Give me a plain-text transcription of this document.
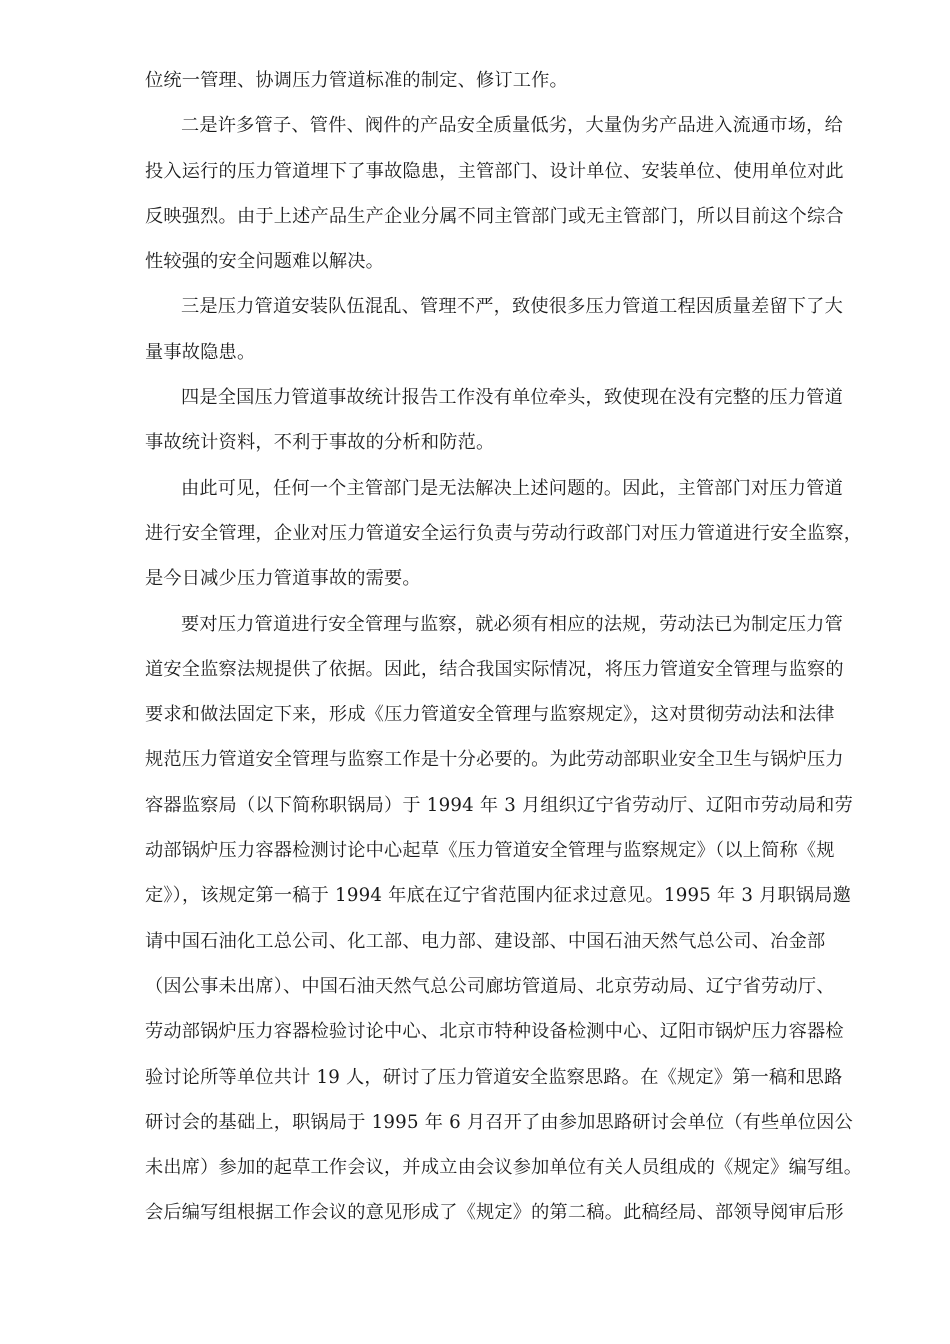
位统一管理、协调压力管道标准的制定、修订工作。
二是许多管子、管件、阀件的产品安全质量低劣，大量伪劣产品进入流通市场，给
投入运行的压力管道埋下了事故隐患，主管部门、设计单位、安装单位、使用单位对此
反映强烈。由于上述产品生产企业分属不同主管部门或无主管部门，所以目前这个综合
性较强的安全问题难以解决。
三是压力管道安装队伍混乱、管理不严，致使很多压力管道工程因质量差留下了大
量事故隐患。
四是全国压力管道事故统计报告工作没有单位牵头，致使现在没有完整的压力管道
事故统计资料，不利于事故的分析和防范。
由此可见，任何一个主管部门是无法解决上述问题的。因此，主管部门对压力管道
进行安全管理，企业对压力管道安全运行负责与劳动行政部门对压力管道进行安全监察，
是今日减少压力管道事故的需要。
要对压力管道进行安全管理与监察，就必须有相应的法规，劳动法已为制定压力管
道安全监察法规提供了依据。因此，结合我国实际情况，将压力管道安全管理与监察的
要求和做法固定下来，形成《压力管道安全管理与监察规定》，这对贯彻劳动法和法律
规范压力管道安全管理与监察工作是十分必要的。为此劳动部职业安全卫生与锅炉压力
容器监察局（以下简称职锅局）于 1994 年 3 月组织辽宁省劳动厅、辽阳市劳动局和劳
动部锅炉压力容器检测讨论中心起草《压力管道安全管理与监察规定》（以上简称《规
定》），该规定第一稿于 1994 年底在辽宁省范围内征求过意见。1995 年 3 月职锅局邀
请中国石油化工总公司、化工部、电力部、建设部、中国石油天然气总公司、冶金部
（因公事未出席）、中国石油天然气总公司廊坊管道局、北京劳动局、辽宁省劳动厅、
劳动部锅炉压力容器检验讨论中心、北京市特种设备检测中心、辽阳市锅炉压力容器检
验讨论所等单位共计 19 人，研讨了压力管道安全监察思路。在《规定》第一稿和思路
研讨会的基础上，职锅局于 1995 年 6 月召开了由参加思路研讨会单位（有些单位因公
未出席）参加的起草工作会议，并成立由会议参加单位有关人员组成的《规定》编写组。
会后编写组根据工作会议的意见形成了《规定》的第二稿。此稿经局、部领导阅审后形
